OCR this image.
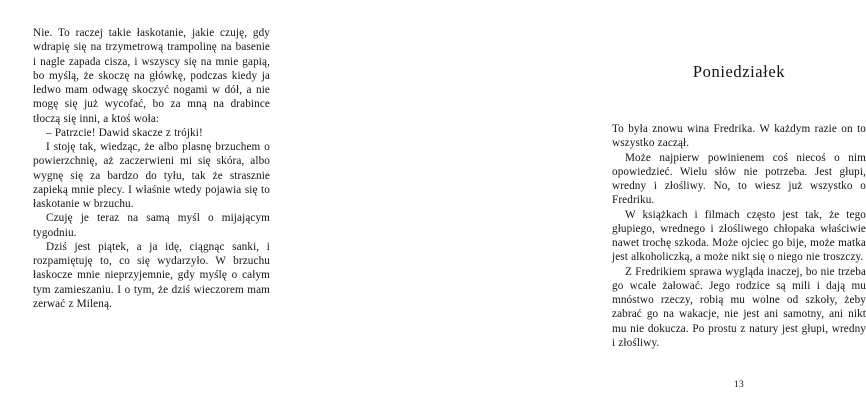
Nie. To raczej takie łaskotanie, jakie czuję, gdy wdrapię się na trzymetrową trampolinę na basenie i nagle zapada cisza, i wszyscy się na mnie gapią, bo myślą, że skoczę na główkę, podczas kiedy ja ledwo mam odwagę skoczyć nogami w dół, a nie mogę się już wycofać, bo za mną na drabince tłoczą się inni, a ktoś woła:

– Patrzcie! Dawid skacze z trójki!

I stoję tak, wiedząc, że albo plasnę brzuchem o powierzchnię, aż zaczerwieni mi się skóra, albo wygnę się za bardzo do tyłu, tak że strasznie zapieką mnie plecy. I właśnie wtedy pojawia się to łaskotanie w brzuchu.

Czuję je teraz na samą myśl o mijającym tygodniu.

Dziś jest piątek, a ja idę, ciągnąc sanki, i rozpamiętuję to, co się wydarzyło. W brzuchu łaskocze mnie nieprzyjemnie, gdy myślę o całym tym zamieszaniu. I o tym, że dziś wieczorem mam zerwać z Mileną.

Poniedziałek

To była znowu wina Fredrika. W każdym razie on to wszystko zaczął.

Może najpierw powinienem coś niecoś o nim opowiedzieć. Wielu słów nie potrzeba. Jest głupi, wredny i złośliwy. No, to wiesz już wszystko o Fredriku.

W książkach i filmach często jest tak, że tego głupiego, wrednego i złośliwego chłopaka właściwie nawet trochę szkoda. Może ojciec go bije, może matka jest alkoholiczką, a może nikt się o niego nie troszczy.

Z Fredrikiem sprawa wygląda inaczej, bo nie trzeba go wcale żałować. Jego rodzice są mili i dają mu mnóstwo rzeczy, robią mu wolne od szkoły, żeby zabrać go na wakacje, nie jest ani samotny, ani nikt mu nie dokucza. Po prostu z natury jest głupi, wredny i złośliwy.

13
